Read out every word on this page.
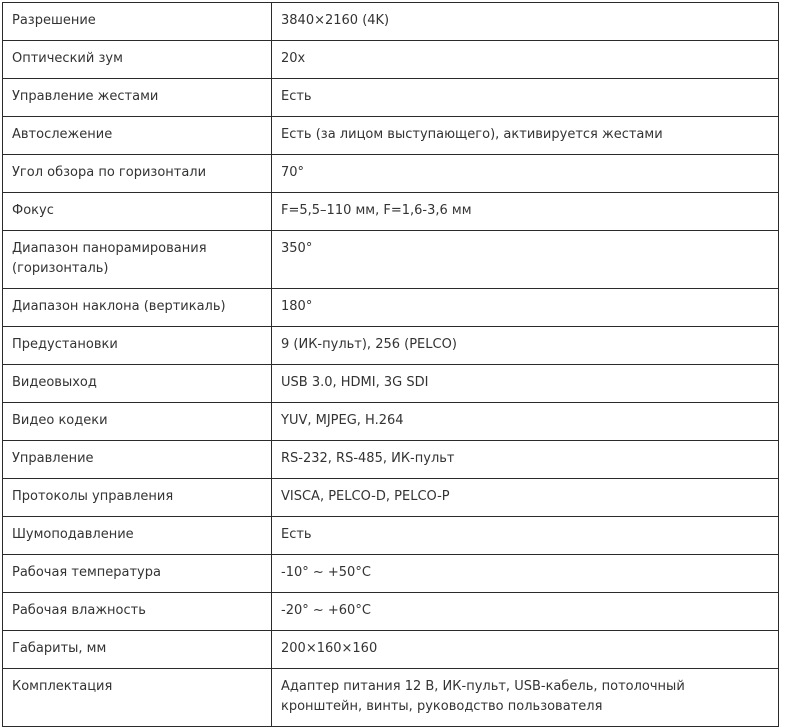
Разрешение	3840×2160 (4K)
Оптический зум	20x
Управление жестами	Есть
Автослежение	Есть (за лицом выступающего), активируется жестами
Угол обзора по горизонтали	70°
Фокус	F=5,5–110 мм, F=1,6-3,6 мм
Диапазон панорамирования (горизонталь)	350°
Диапазон наклона (вертикаль)	180°
Предустановки	9 (ИК-пульт), 256 (PELCO)
Видеовыход	USB 3.0, HDMI, 3G SDI
Видео кодеки	YUV, MJPEG, H.264
Управление	RS-232, RS-485, ИК-пульт
Протоколы управления	VISCA, PELCO-D, PELCO-P
Шумоподавление	Есть
Рабочая температура	-10° ~ +50°C
Рабочая влажность	-20° ~ +60°C
Габариты, мм	200×160×160
Комплектация	Адаптер питания 12 В, ИК-пульт, USB-кабель, потолочный кронштейн, винты, руководство пользователя
